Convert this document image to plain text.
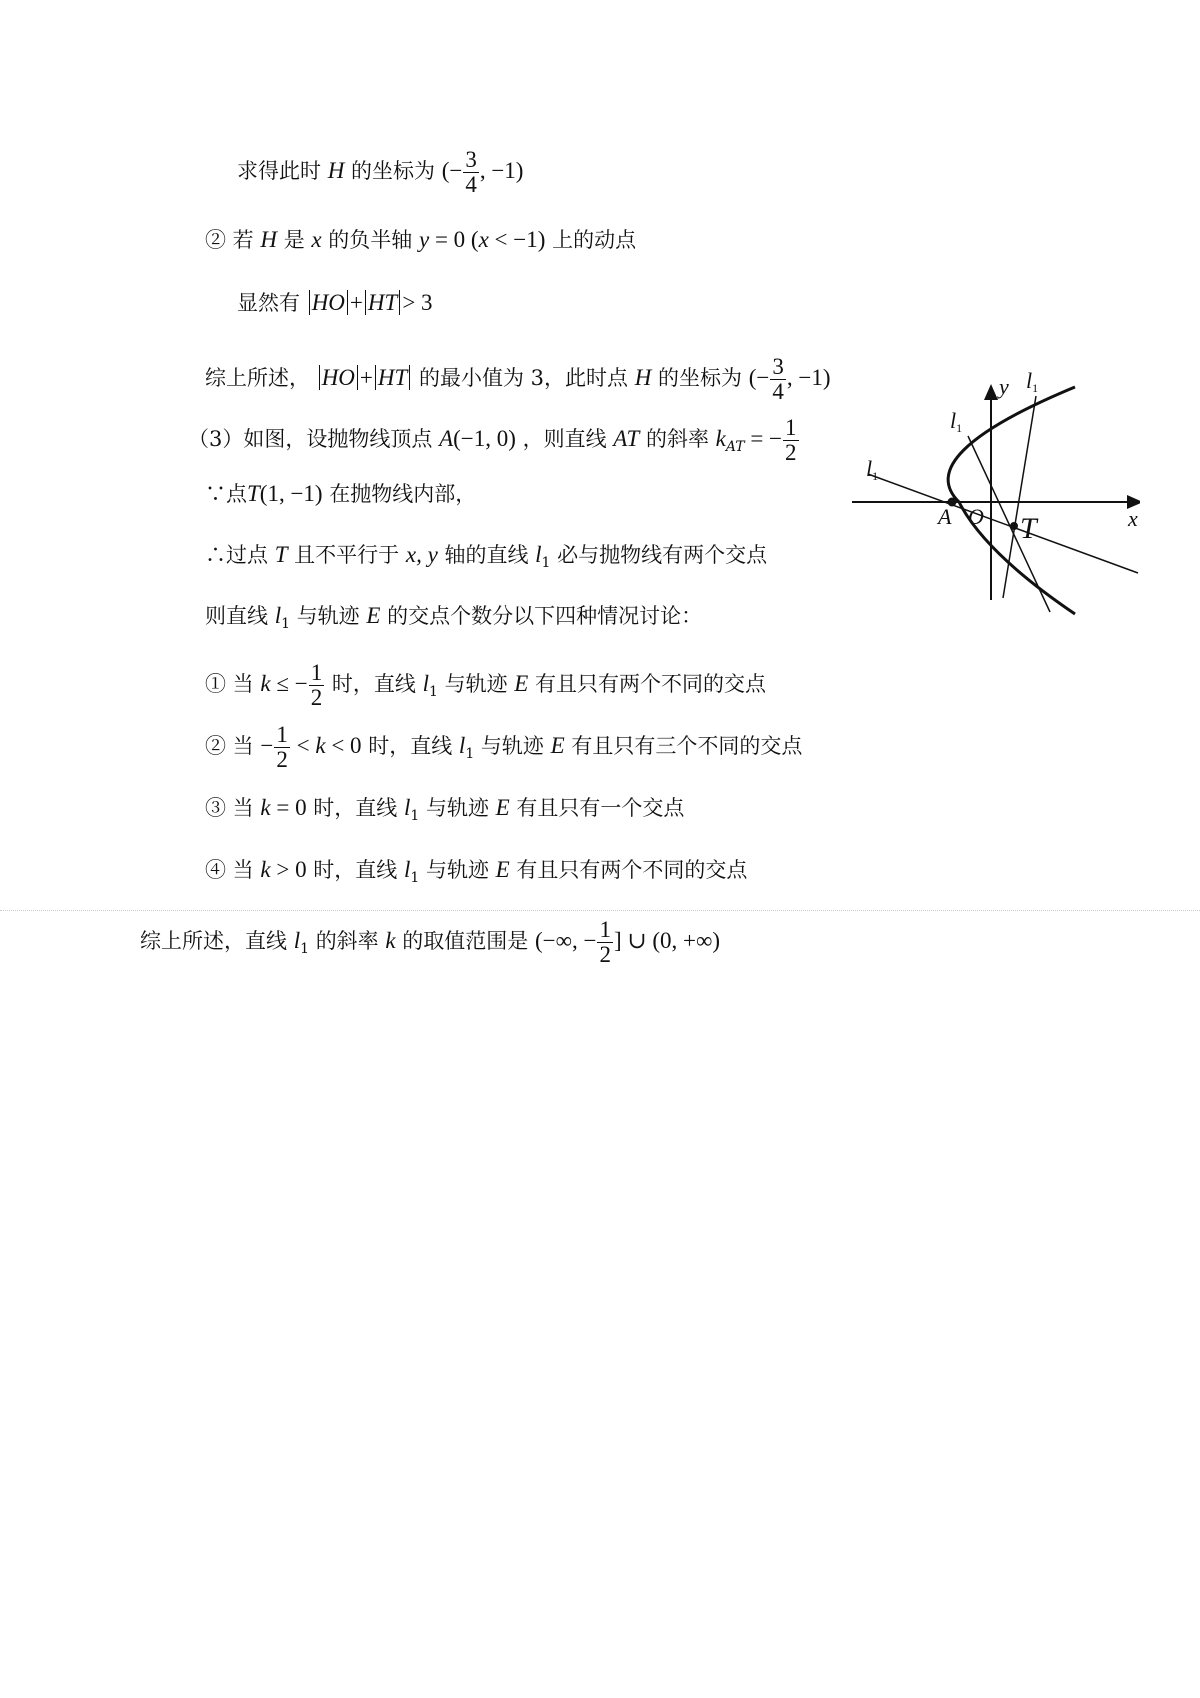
求得此时 H 的坐标为 (− $\frac{3}{4}$ , −1)
② 若 H 是 x 的负半轴 y = 0 (x < −1) 上的动点
显然有 HO + HT > 3
综上所述， HO + HT 的最小值为 3，此时点 H 的坐标为 (− $\frac{3}{4}$ , −1)
（3）如图，设抛物线顶点 A(−1, 0) ，则直线 AT 的斜率 $k_{AT}$ = − $\frac{1}{2}$
∵点T(1, −1) 在抛物线内部，
∴过点 T 且不平行于 x, y 轴的直线 $l_1$ 必与抛物线有两个交点
则直线 $l_1$ 与轨迹 E 的交点个数分以下四种情况讨论：
① 当 k ≤ − $\frac{1}{2}$ 时，直线 $l_1$ 与轨迹 E 有且只有两个不同的交点
② 当 − $\frac{1}{2} < k < 0$ 时，直线 $l_1$ 与轨迹 E 有且只有三个不同的交点
③ 当 k = 0 时，直线 $l_1$ 与轨迹 E 有且只有一个交点
④ 当 k > 0 时，直线 $l_1$ 与轨迹 E 有且只有两个不同的交点
综上所述，直线 $l_1$ 的斜率 k 的取值范围是 (−∞, − $\frac{1}{2}$ ] ∪ (0, +∞)
y
x
A O T
l1
l1
l1
